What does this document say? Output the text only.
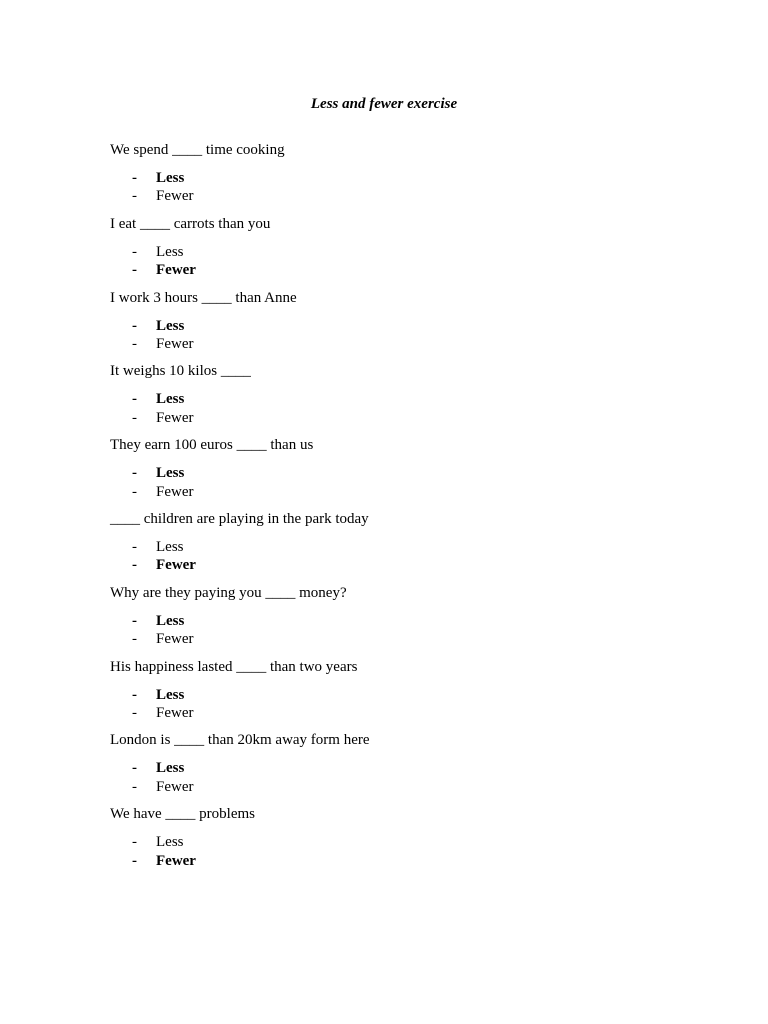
Less and fewer exercise

We spend ____ time cooking

-	Less
-	Fewer

I eat ____ carrots than you

-	Less
-	Fewer

I work 3 hours ____ than Anne

-	Less
-	Fewer

It weighs 10 kilos ____

-	Less
-	Fewer

They earn 100 euros ____ than us

-	Less
-	Fewer

____ children are playing in the park today

-	Less
-	Fewer

Why are they paying you ____ money?

-	Less
-	Fewer

His happiness lasted ____ than two years

-	Less
-	Fewer

London is ____ than 20km away form here

-	Less
-	Fewer

We have ____ problems

-	Less
-	Fewer
